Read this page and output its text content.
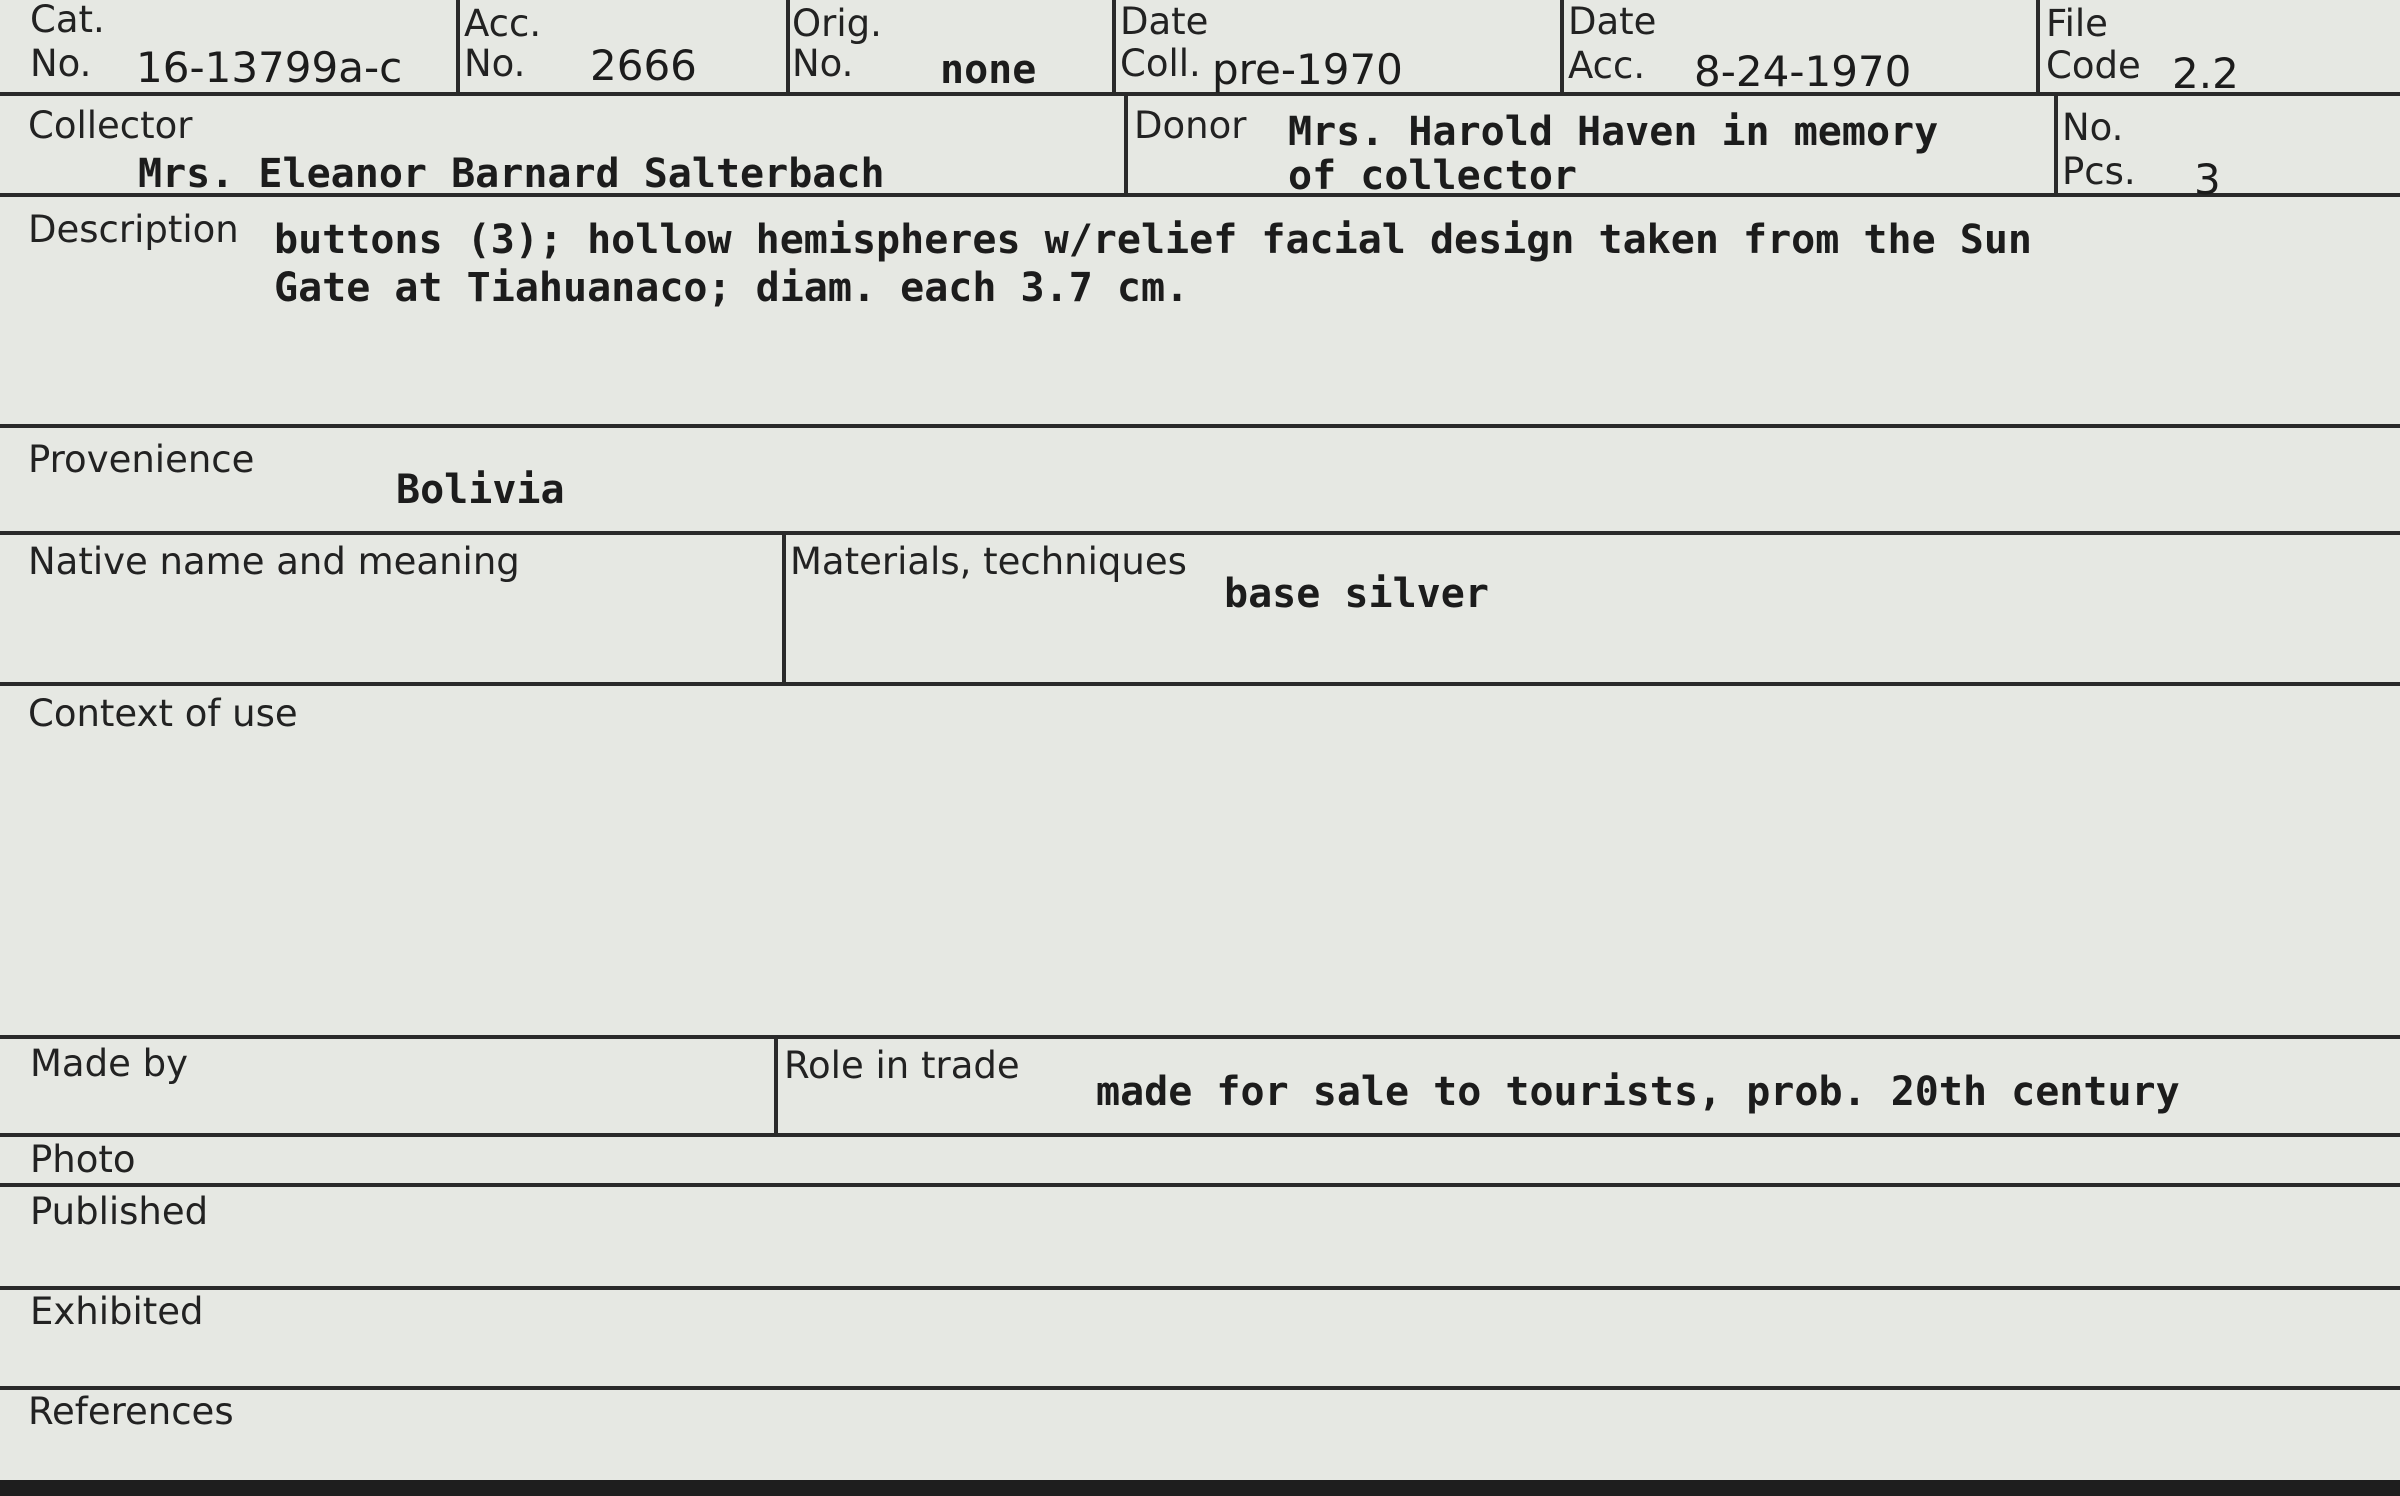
Cat.
No. 16-13799a-c
Acc.
No. 2666
Orig.
No. none
Date
Coll. pre-1970
Date
Acc. 8-24-1970
File
Code 2.2
Collector
Mrs. Eleanor Barnard Salterbach
Donor Mrs. Harold Haven in memory
of collector
No.
Pcs. 3
Description buttons (3); hollow hemispheres w/relief facial design taken from the Sun
Gate at Tiahuanaco; diam. each 3.7 cm.
Provenience
Bolivia
Native name and meaning	Materials, techniques
base silver
Context of use
Made by	Role in trade
made for sale to tourists, prob. 20th century
Photo
Published
Exhibited
References
